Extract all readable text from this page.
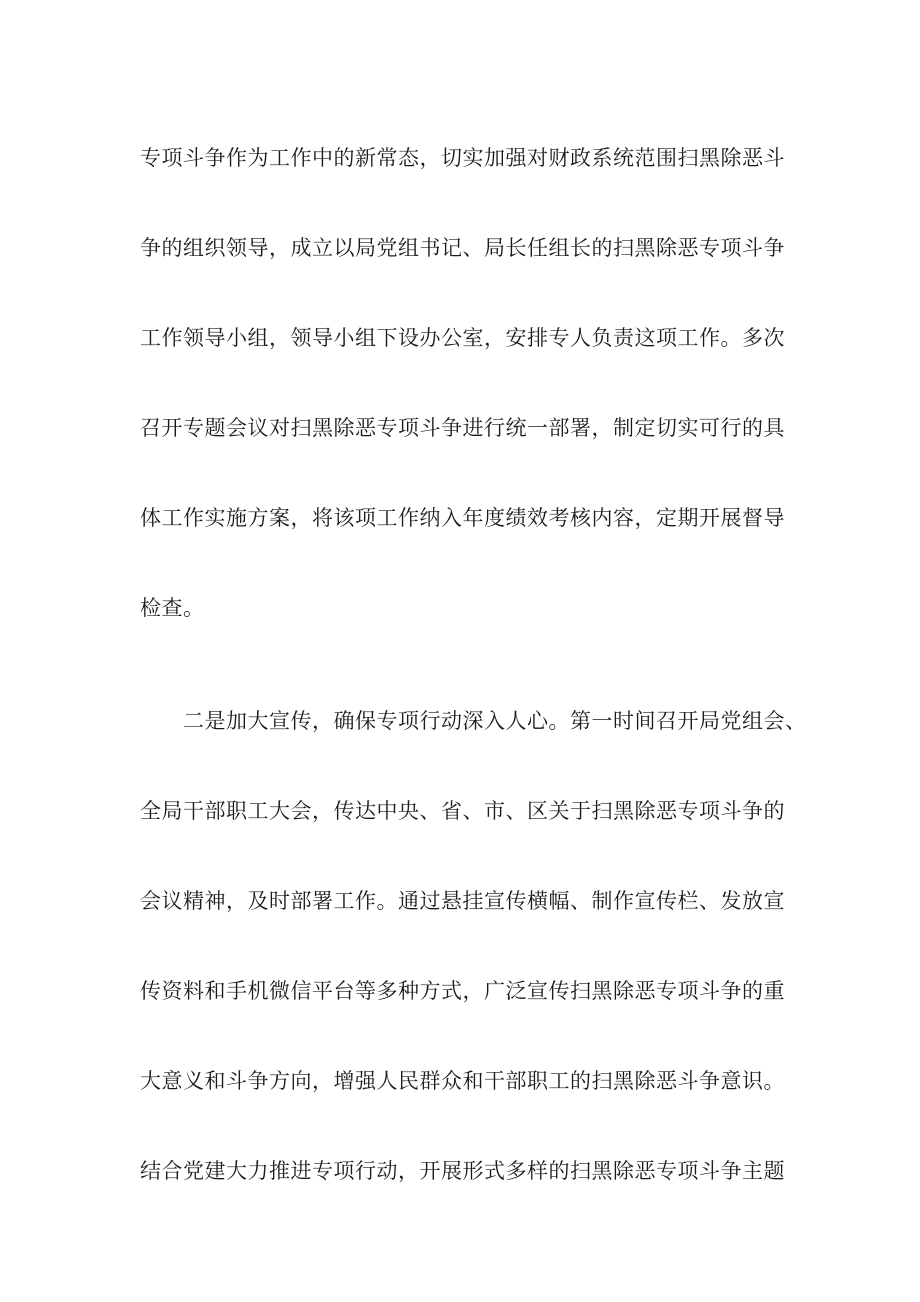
专项斗争作为工作中的新常态，切实加强对财政系统范围扫黑除恶斗
争的组织领导，成立以局党组书记、局长任组长的扫黑除恶专项斗争
工作领导小组，领导小组下设办公室，安排专人负责这项工作。多次
召开专题会议对扫黑除恶专项斗争进行统一部署，制定切实可行的具
体工作实施方案，将该项工作纳入年度绩效考核内容，定期开展督导
检查。
二是加大宣传，确保专项行动深入人心。第一时间召开局党组会、
全局干部职工大会，传达中央、省、市、区关于扫黑除恶专项斗争的
会议精神，及时部署工作。通过悬挂宣传横幅、制作宣传栏、发放宣
传资料和手机微信平台等多种方式，广泛宣传扫黑除恶专项斗争的重
大意义和斗争方向，增强人民群众和干部职工的扫黑除恶斗争意识。
结合党建大力推进专项行动，开展形式多样的扫黑除恶专项斗争主题
